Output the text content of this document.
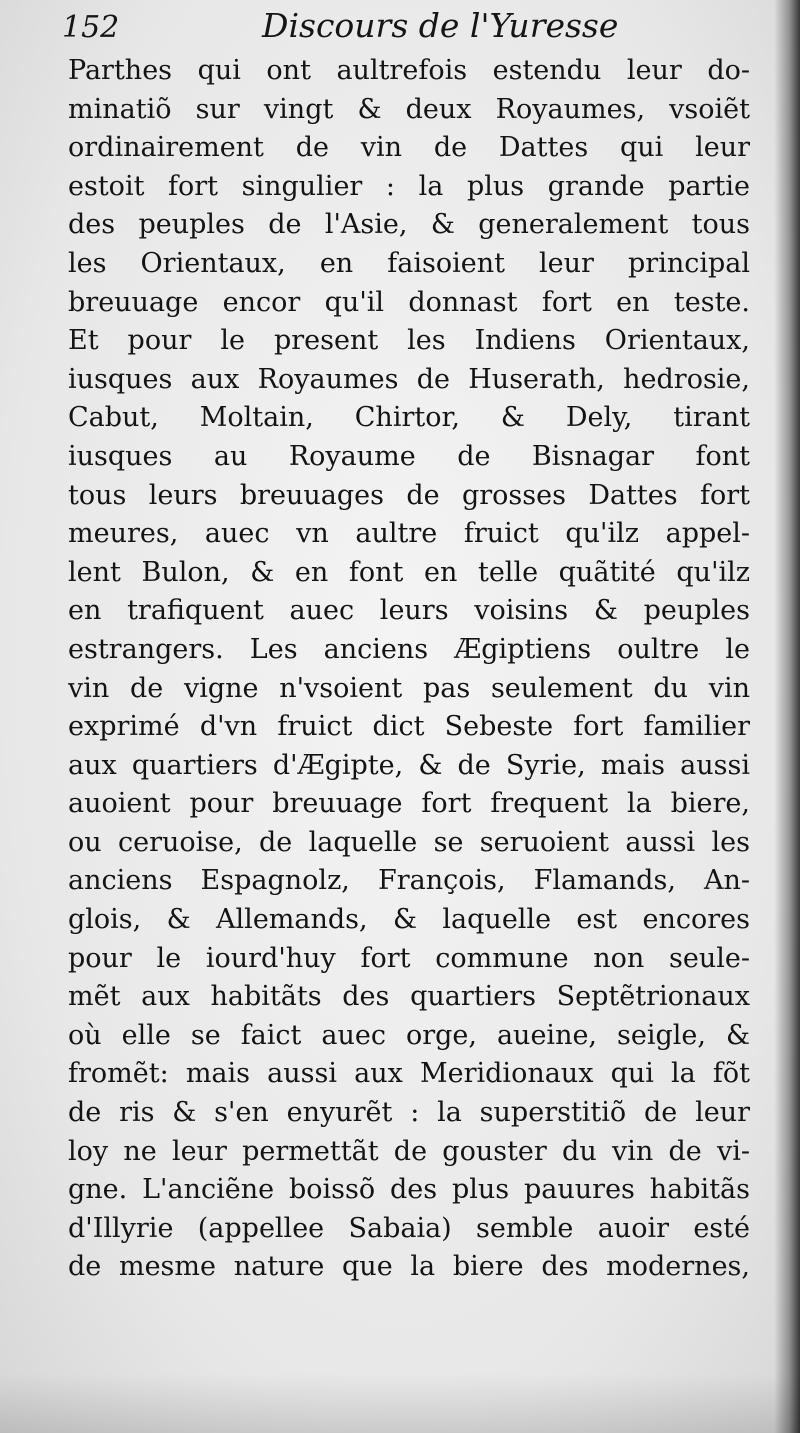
152	Discours de l'Yuresse
Parthes qui ont aultrefois estendu leur do-
minatiõ sur vingt & deux Royaumes, vsoiẽt
ordinairement de vin de Dattes qui leur
estoit fort singulier : la plus grande partie
des peuples de l'Asie, & generalement tous
les Orientaux, en faisoient leur principal
breuuage encor qu'il donnast fort en teste.
Et pour le present les Indiens Orientaux,
iusques aux Royaumes de Huserath, hedrosie,
Cabut, Moltain, Chirtor, & Dely, tirant
iusques au Royaume de Bisnagar font
tous leurs breuuages de grosses Dattes fort
meures, auec vn aultre fruict qu'ilz appel-
lent Bulon, & en font en telle quãtité qu'ilz
en trafiquent auec leurs voisins & peuples
estrangers. Les anciens Ægiptiens oultre le
vin de vigne n'vsoient pas seulement du vin
exprimé d'vn fruict dict Sebeste fort familier
aux quartiers d'Ægipte, & de Syrie, mais aussi
auoient pour breuuage fort frequent la biere,
ou ceruoise, de laquelle se seruoient aussi les
anciens Espagnolz, François, Flamands, An-
glois, & Allemands, & laquelle est encores
pour le iourd'huy fort commune non seule-
mẽt aux habitãts des quartiers Septẽtrionaux
où elle se faict auec orge, aueine, seigle, &
fromẽt: mais aussi aux Meridionaux qui la fõt
de ris & s'en enyurẽt : la superstitiõ de leur
loy ne leur permettãt de gouster du vin de vi-
gne. L'anciẽne boissõ des plus pauures habitãs
d'Illyrie (appellee Sabaia) semble auoir esté
de mesme nature que la biere des modernes,
